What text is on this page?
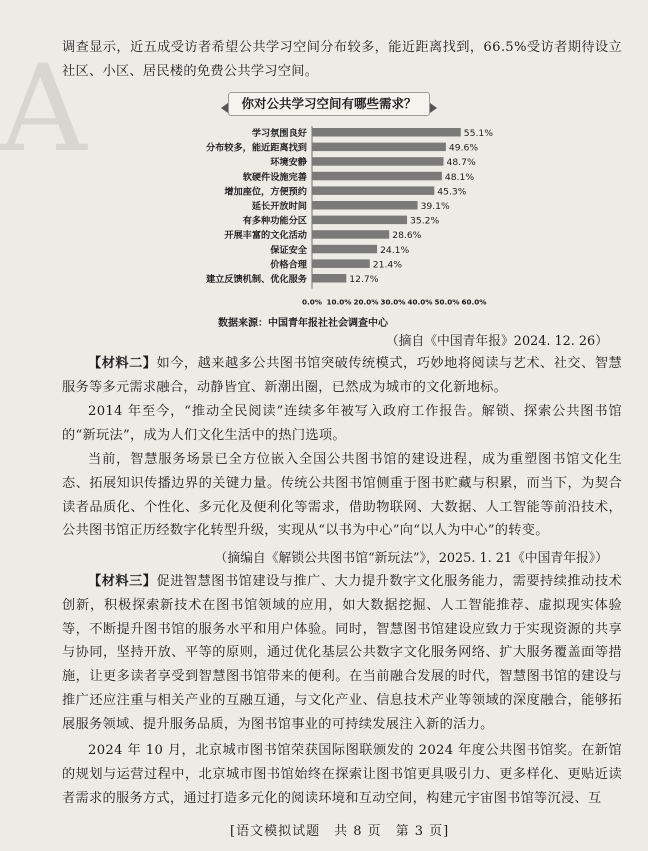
A

调查显示，近五成受访者希望公共学习空间分布较多，能近距离找到，66.5%受访者期待设立社区、小区、居民楼的免费公共学习空间。

你对公共学习空间有哪些需求？
学习氛围良好	55.1%
分布较多，能近距离找到	49.6%
环境安静	48.7%
软硬件设施完善	48.1%
增加座位，方便预约	45.3%
延长开放时间	39.1%
有多种功能分区	35.2%
开展丰富的文化活动	28.6%
保证安全	24.1%
价格合理	21.4%
建立反馈机制、优化服务	12.7%
0.0% 10.0% 20.0% 30.0% 40.0% 50.0% 60.0%
数据来源：中国青年报社社会调查中心
（摘自《中国青年报》2024. 12. 26）

【材料二】如今，越来越多公共图书馆突破传统模式，巧妙地将阅读与艺术、社交、智慧服务等多元需求融合，动静皆宜、新潮出圈，已然成为城市的文化新地标。

2014 年至今，“推动全民阅读”连续多年被写入政府工作报告。解锁、探索公共图书馆的“新玩法”，成为人们文化生活中的热门选项。

当前，智慧服务场景已全方位嵌入全国公共图书馆的建设进程，成为重塑图书馆文化生态、拓展知识传播边界的关键力量。传统公共图书馆侧重于图书贮藏与积累，而当下，为契合读者品质化、个性化、多元化及便利化等需求，借助物联网、大数据、人工智能等前沿技术，公共图书馆正历经数字化转型升级，实现从“以书为中心”向“以人为中心”的转变。

（摘编自《解锁公共图书馆“新玩法”》，2025. 1. 21《中国青年报》）

【材料三】促进智慧图书馆建设与推广、大力提升数字文化服务能力，需要持续推动技术创新，积极探索新技术在图书馆领域的应用，如大数据挖掘、人工智能推荐、虚拟现实体验等，不断提升图书馆的服务水平和用户体验。同时，智慧图书馆建设应致力于实现资源的共享与协同，坚持开放、平等的原则，通过优化基层公共数字文化服务网络、扩大服务覆盖面等措施，让更多读者享受到智慧图书馆带来的便利。在当前融合发展的时代，智慧图书馆的建设与推广还应注重与相关产业的互融互通，与文化产业、信息技术产业等领域的深度融合，能够拓展服务领域、提升服务品质，为图书馆事业的可持续发展注入新的活力。

2024 年 10 月，北京城市图书馆荣获国际图联颁发的 2024 年度公共图书馆奖。在新馆的规划与运营过程中，北京城市图书馆始终在探索让图书馆更具吸引力、更多样化、更贴近读者需求的服务方式，通过打造多元化的阅读环境和互动空间，构建元宇宙图书馆等沉浸、互

[语文模拟试题　共 8 页　第 3 页]
